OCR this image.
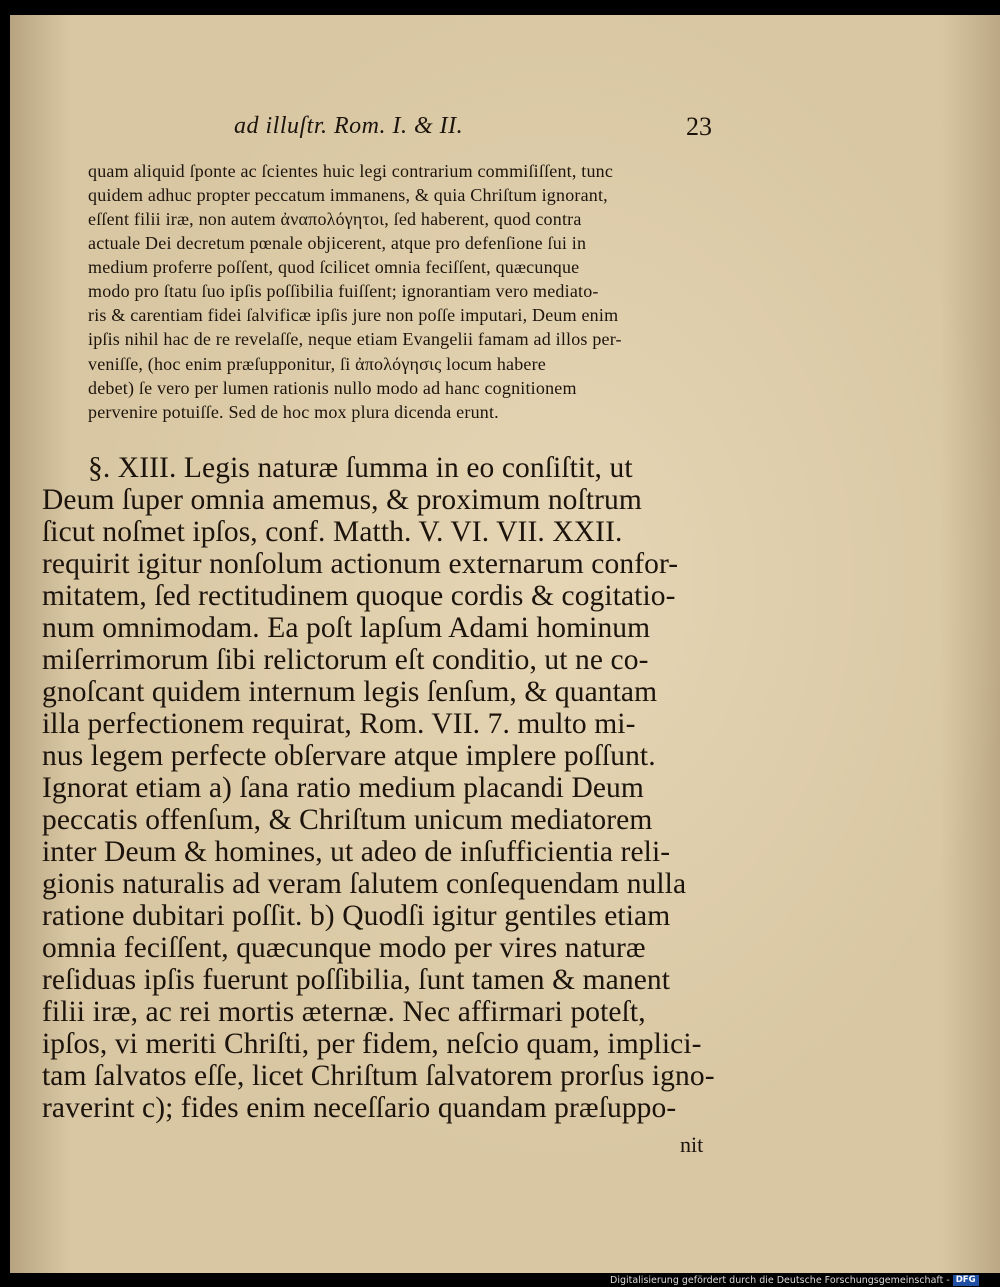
ad illuſtr. Rom. I. & II.	23
quam aliquid ſponte ac ſcientes huic legi contrarium commiſiſſent, tunc
quidem adhuc propter peccatum immanens, & quia Chriſtum ignorant,
eſſent filii iræ, non autem ἀναπολόγητοι, ſed haberent, quod contra
actuale Dei decretum pœnale objicerent, atque pro defenſione ſui in
medium proferre poſſent, quod ſcilicet omnia feciſſent, quæcunque
modo pro ſtatu ſuo ipſis poſſibilia fuiſſent; ignorantiam vero mediato-
ris & carentiam fidei ſalvificæ ipſis jure non poſſe imputari, Deum enim
ipſis nihil hac de re revelaſſe, neque etiam Evangelii famam ad illos per-
veniſſe, (hoc enim præſupponitur, ſi ἀπολόγησις locum habere
debet) ſe vero per lumen rationis nullo modo ad hanc cognitionem
pervenire potuiſſe. Sed de hoc mox plura dicenda erunt.
§. XIII. Legis naturæ ſumma in eo conſiſtit, ut
Deum ſuper omnia amemus, & proximum noſtrum
ſicut noſmet ipſos, conf. Matth. V. VI. VII. XXII.
requirit igitur nonſolum actionum externarum confor-
mitatem, ſed rectitudinem quoque cordis & cogitatio-
num omnimodam. Ea poſt lapſum Adami hominum
miſerrimorum ſibi relictorum eſt conditio, ut ne co-
gnoſcant quidem internum legis ſenſum, & quantam
illa perfectionem requirat, Rom. VII. 7. multo mi-
nus legem perfecte obſervare atque implere poſſunt.
Ignorat etiam a) ſana ratio medium placandi Deum
peccatis offenſum, & Chriſtum unicum mediatorem
inter Deum & homines, ut adeo de inſufficientia reli-
gionis naturalis ad veram ſalutem conſequendam nulla
ratione dubitari poſſit. b) Quodſi igitur gentiles etiam
omnia feciſſent, quæcunque modo per vires naturæ
reſiduas ipſis fuerunt poſſibilia, ſunt tamen & manent
filii iræ, ac rei mortis æternæ. Nec affirmari poteſt,
ipſos, vi meriti Chriſti, per fidem, neſcio quam, implici-
tam ſalvatos eſſe, licet Chriſtum ſalvatorem prorſus igno-
raverint c); fides enim neceſſario quandam præſuppo-
nit
Digitalisierung gefördert durch die Deutsche Forschungsgemeinschaft - DFG
